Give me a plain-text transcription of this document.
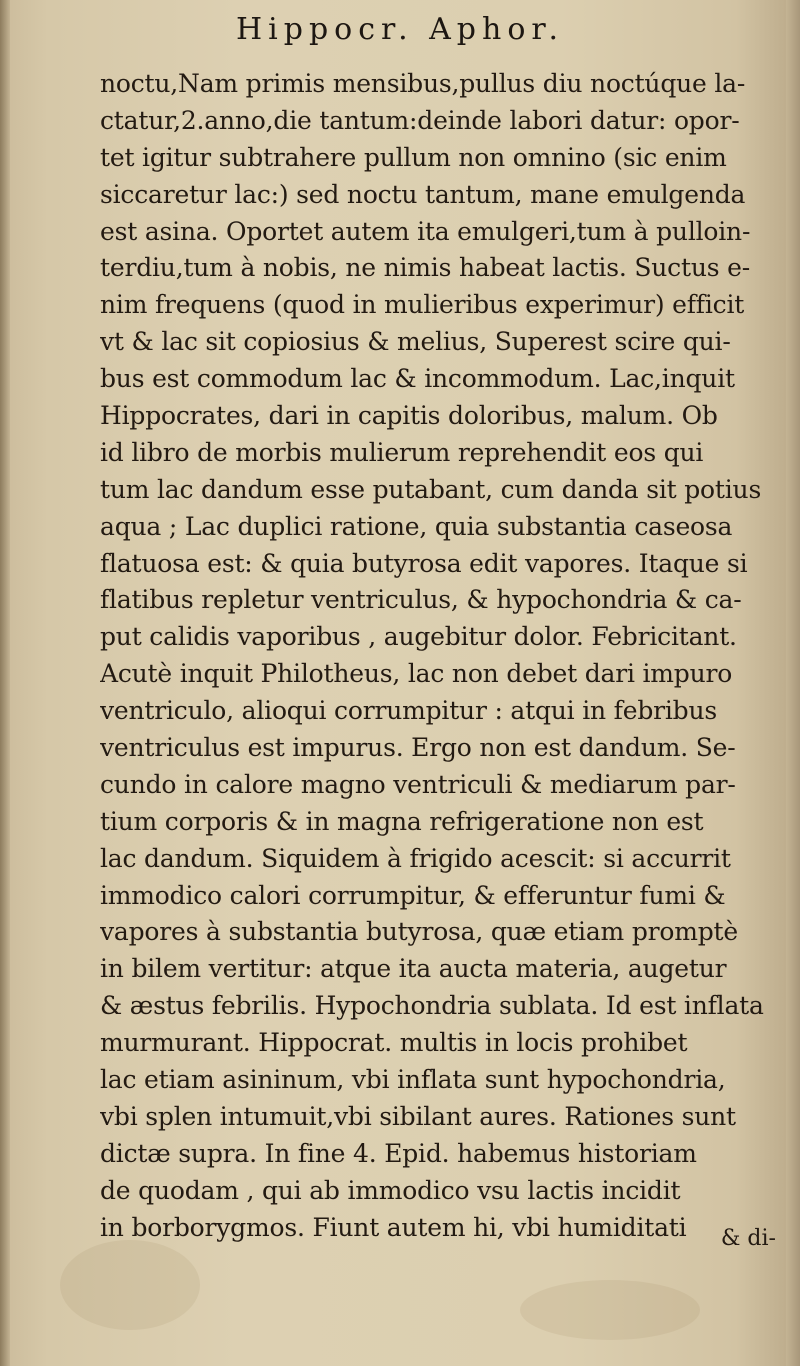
Hippocr. Aphor.
noctu,Nam primis mensibus,pullus diu noctúque la-
ctatur,2.anno,die tantum:deinde labori datur: opor-
tet igitur subtrahere pullum non omnino (sic enim
siccaretur lac:) sed noctu tantum, mane emulgenda
est asina. Oportet autem ita emulgeri,tum à pulloin-
terdiu,tum à nobis, ne nimis habeat lactis. Suctus e-
nim frequens (quod in mulieribus experimur) efficit
vt & lac sit copiosius & melius, Superest scire qui-
bus est commodum lac & incommodum. Lac,inquit
Hippocrates, dari in capitis doloribus, malum. Ob
id libro de morbis mulierum reprehendit eos qui
tum lac dandum esse putabant, cum danda sit potius
aqua ; Lac duplici ratione, quia substantia caseosa
flatuosa est: & quia butyrosa edit vapores. Itaque si
flatibus repletur ventriculus, & hypochondria & ca-
put calidis vaporibus , augebitur dolor. Febricitant.
Acutè inquit Philotheus, lac non debet dari impuro
ventriculo, alioqui corrumpitur : atqui in febribus
ventriculus est impurus. Ergo non est dandum. Se-
cundo in calore magno ventriculi & mediarum par-
tium corporis & in magna refrigeratione non est
lac dandum. Siquidem à frigido acescit: si accurrit
immodico calori corrumpitur, & efferuntur fumi &
vapores à substantia butyrosa, quæ etiam promptè
in bilem vertitur: atque ita aucta materia, augetur
& æstus febrilis. Hypochondria sublata. Id est inflata
murmurant. Hippocrat. multis in locis prohibet
lac etiam asininum, vbi inflata sunt hypochondria,
vbi splen intumuit,vbi sibilant aures. Rationes sunt
dictæ supra. In fine 4. Epid. habemus historiam
de quodam , qui ab immodico vsu lactis incidit
in borborygmos. Fiunt autem hi, vbi humiditati	& di-
